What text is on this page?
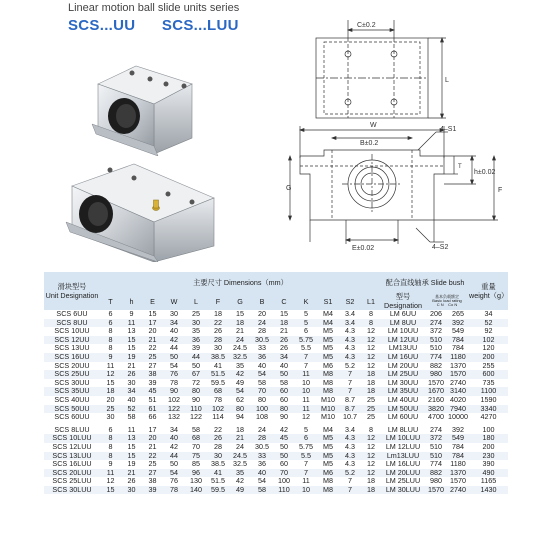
Linear motion ball slide units series
SCS...UU SCS...LUU	C±0.2
L
W
B±0.2
4–S1
h±0.02
F
T
G
E±0.02	4–S2
滑块型号
Unit Designation	主要尺寸 Dimensions（mm）													配合直线轴承 Slide bush			重量
weight（g）

	T	h	E	W	L	F	G	B	C	K	S1	S2	L1	型号
Designation	基本负载额定
Basic load rating
C N Co N		

SCS 6UU	6	9	15	30	25	18	15	20	15	5	M4	3.4	8	LM 6UU	206	265	34
SCS 8UU	6	11	17	34	30	22	18	24	18	5	M4	3.4	8	LM 8UU	274	392	52
SCS 10UU	8	13	20	40	35	26	21	28	21	6	M5	4.3	12	LM 10UU	372	549	92
SCS 12UU	8	15	21	42	36	28	24	30.5	26	5.75	M5	4.3	12	LM 12UU	510	784	102
SCS 13UU	8	15	22	44	39	30	24.5	33	26	5.5	M5	4.3	12	LM13UU	510	784	120
SCS 16UU	9	19	25	50	44	38.5	32.5	36	34	7	M5	4.3	12	LM 16UU	774	1180	200
SCS 20UU	11	21	27	54	50	41	35	40	40	7	M6	5.2	12	LM 20UU	882	1370	255
SCS 25UU	12	26	38	76	67	51.5	42	54	50	11	M8	7	18	LM 25UU	980	1570	600
SCS 30UU	15	30	39	78	72	59.5	49	58	58	10	M8	7	18	LM 30UU	1570	2740	735
SCS 35UU	18	34	45	90	80	68	54	70	60	10	M8	7	18	LM 35UU	1670	3140	1100
SCS 40UU	20	40	51	102	90	78	62	80	60	11	M10	8.7	25	LM 40UU	2160	4020	1590
SCS 50UU	25	52	61	122	110	102	80	100	80	11	M10	8.7	25	LM 50UU	3820	7940	3340
SCS 60UU	30	58	66	132	122	114	94	108	90	12	M10	10.7	25	LM 60UU	4700	10000	4270

SCS 8LUU	6	11	17	34	58	22	18	24	42	5	M4	3.4	8	LM 8LUU	274	392	100
SCS 10LUU	8	13	20	40	68	26	21	28	45	6	M5	4.3	12	LM 10LUU	372	549	180
SCS 12LUU	8	15	21	42	70	28	24	30.5	50	5.75	M5	4.3	12	LM 12LUU	510	784	200
SCS 13LUU	8	15	22	44	75	30	24.5	33	50	5.5	M5	4.3	12	Lm13LUU	510	784	230
SCS 16LUU	9	19	25	50	85	38.5	32.5	36	60	7	M5	4.3	12	LM 16LUU	774	1180	390
SCS 20LUU	11	21	27	54	96	41	35	40	70	7	M6	5.2	12	LM 20LUU	882	1370	490
SCS 25LUU	12	26	38	76	130	51.5	42	54	100	11	M8	7	18	LM 25LUU	980	1570	1165
SCS 30LUU	15	30	39	78	140	59.5	49	58	110	10	M8	7	18	LM 30LUU	1570	2740	1430
